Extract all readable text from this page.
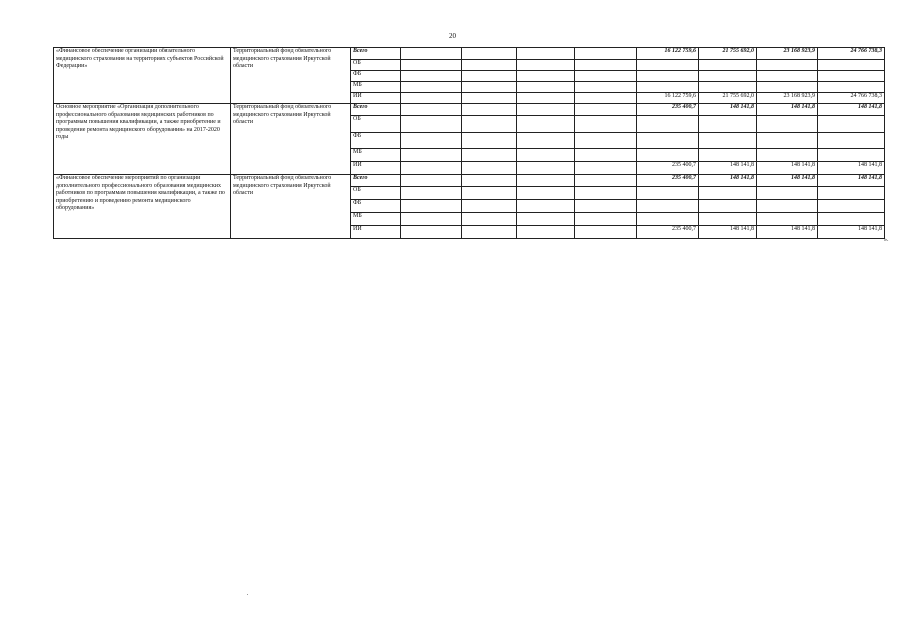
20
«Финансовое обеспечение организации обязательного медицинского страхования на территориях субъектов Российской Федерации»	Территориальный фонд обязательного медицинского страхования Иркутской области	Всего					16 122 759,6	21 755 692,0	23 168 923,9	24 766 738,3
		ОБ								
		ФБ								
		МБ								
		ИИ					16 122 759,6	21 755 692,0	23 168 923,9	24 766 738,3
Основное мероприятие «Организация дополнительного профессионального образования медицинских работников по программам повышения квалификации, а также приобретение и проведение ремонта медицинского оборудования» на 2017-2020 годы	Территориальный фонд обязательного медицинского страхования Иркутской области	Всего					235 400,7	148 141,8	148 141,8	148 141,8
		ОБ								
		ФБ								
		МБ								
		ИИ					235 400,7	148 141,8	148 141,8	148 141,8
«Финансовое обеспечение мероприятий по организации дополнительного профессионального образования медицинских работников по программам повышения квалификации, а также по приобретению и проведению ремонта медицинского оборудования»	Территориальный фонд обязательного медицинского страхования Иркутской области	Всего					235 400,7	148 141,8	148 141,8	148 141,8
		ОБ								
		ФБ								
		МБ								
		ИИ					235 400,7	148 141,8	148 141,8	148 141,8
».
